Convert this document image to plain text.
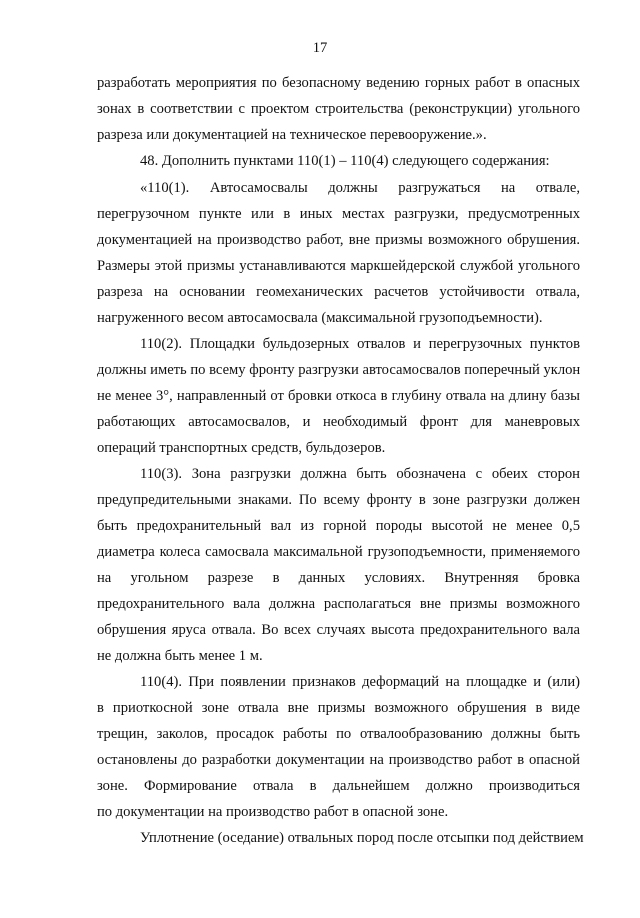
17
разработать мероприятия по безопасному ведению горных работ в опасных
зонах в соответствии с проектом строительства (реконструкции) угольного
разреза или документацией на техническое перевооружение.».
48. Дополнить пунктами 110(1) – 110(4) следующего содержания:
«110(1). Автосамосвалы должны разгружаться на отвале,
перегрузочном пункте или в иных местах разгрузки, предусмотренных
документацией на производство работ, вне призмы возможного обрушения.
Размеры этой призмы устанавливаются маркшейдерской службой угольного
разреза на основании геомеханических расчетов устойчивости отвала,
нагруженного весом автосамосвала (максимальной грузоподъемности).
110(2). Площадки бульдозерных отвалов и перегрузочных пунктов
должны иметь по всему фронту разгрузки автосамосвалов поперечный уклон
не менее 3°, направленный от бровки откоса в глубину отвала на длину базы
работающих автосамосвалов, и необходимый фронт для маневровых
операций транспортных средств, бульдозеров.
110(3). Зона разгрузки должна быть обозначена с обеих сторон
предупредительными знаками. По всему фронту в зоне разгрузки должен
быть предохранительный вал из горной породы высотой не менее 0,5
диаметра колеса самосвала максимальной грузоподъемности, применяемого
на угольном разрезе в данных условиях. Внутренняя бровка
предохранительного вала должна располагаться вне призмы возможного
обрушения яруса отвала. Во всех случаях высота предохранительного вала
не должна быть менее 1 м.
110(4). При появлении признаков деформаций на площадке и (или)
в приоткосной зоне отвала вне призмы возможного обрушения в виде
трещин, заколов, просадок работы по отвалообразованию должны быть
остановлены до разработки документации на производство работ в опасной
зоне. Формирование отвала в дальнейшем должно производиться
по документации на производство работ в опасной зоне.
Уплотнение (оседание) отвальных пород после отсыпки под действием
